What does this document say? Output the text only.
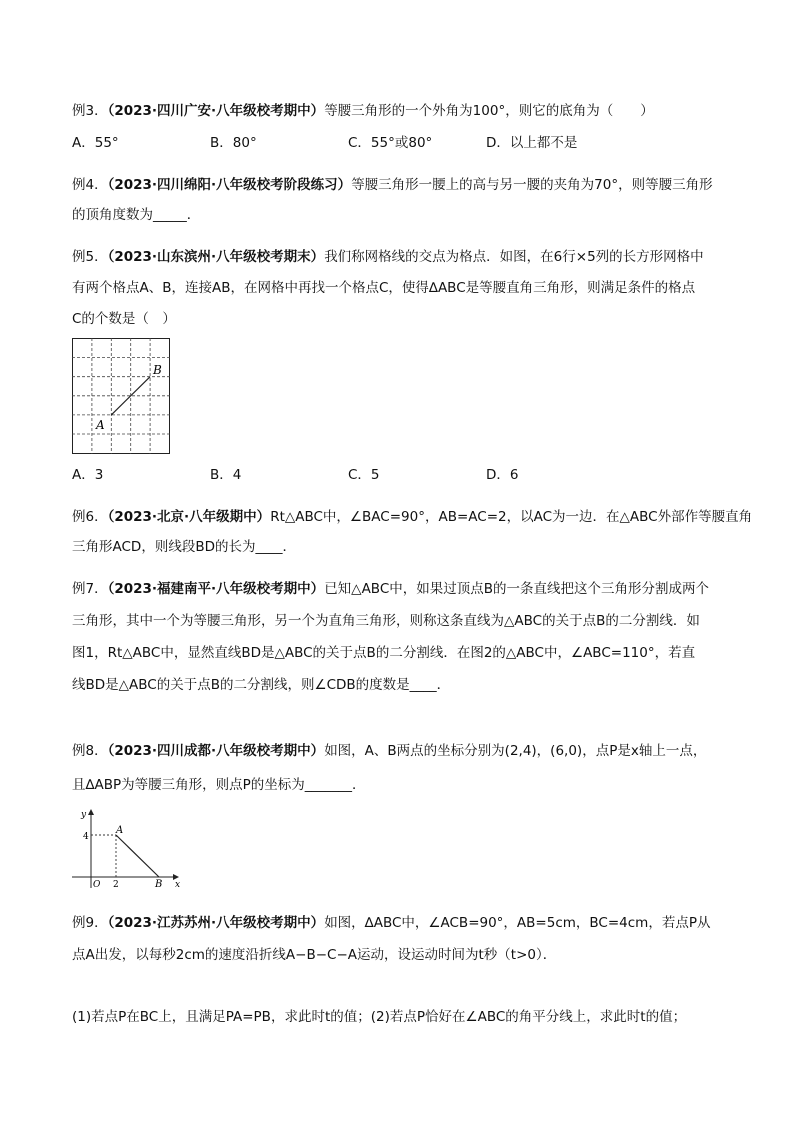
例3．（2023·四川广安·八年级校考期中）等腰三角形的一个外角为100°，则它的底角为（　　）
A．55°	B．80°	C．55°或80°	D．以上都不是
例4．（2023·四川绵阳·八年级校考阶段练习）等腰三角形一腰上的高与另一腰的夹角为70°，则等腰三角形
的顶角度数为_____．
例5．（2023·山东滨州·八年级校考期末）我们称网格线的交点为格点．如图，在6行×5列的长方形网格中
有两个格点A、B，连接AB，在网格中再找一个格点C，使得∆ABC是等腰直角三角形，则满足条件的格点
C的个数是（　）
B
A
A．3	B．4	C．5	D．6
例6．（2023·北京·八年级期中）Rt△ABC中，∠BAC=90°，AB=AC=2，以AC为一边．在△ABC外部作等腰直角
三角形ACD，则线段BD的长为____．
例7．（2023·福建南平·八年级校考期中）已知△ABC中，如果过顶点B的一条直线把这个三角形分割成两个
三角形，其中一个为等腰三角形，另一个为直角三角形，则称这条直线为△ABC的关于点B的二分割线．如
图1，Rt△ABC中，显然直线BD是△ABC的关于点B的二分割线．在图2的△ABC中，∠ABC=110°，若直
线BD是△ABC的关于点B的二分割线，则∠CDB的度数是____．
例8．（2023·四川成都·八年级校考期中）如图，A、B两点的坐标分别为(2,4)，(6,0)，点P是x轴上一点，
且∆ABP为等腰三角形，则点P的坐标为_______．
y
x
4
O 2
A
B
例9．（2023·江苏苏州·八年级校考期中）如图，∆ABC中，∠ACB=90°，AB=5cm，BC=4cm，若点P从
点A出发，以每秒2cm的速度沿折线A−B−C−A运动，设运动时间为t秒（t>0）．
(1)若点P在BC上，且满足PA=PB，求此时t的值；(2)若点P恰好在∠ABC的角平分线上，求此时t的值；
